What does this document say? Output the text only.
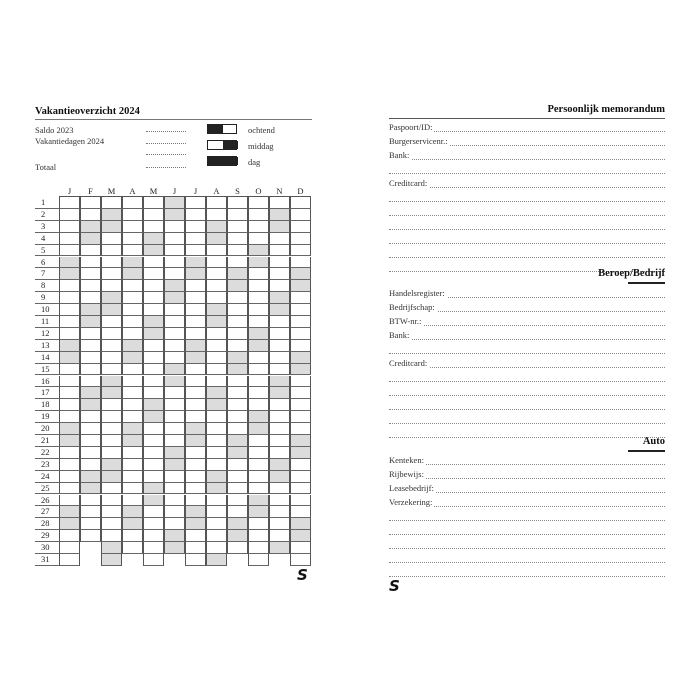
Vakantieoverzicht 2024
Saldo 2023
Vakantiedagen 2024
Totaal
ochtend
middag
dag
J	F	M	A	M	J	J	A	S	O	N	D
1
2
3
4
5
6
7
8
9
10
11
12
13
14
15
16
17
18
19
20
21
22
23
24
25
26
27
28
29
30
31
S
Persoonlijk memorandum
Paspoort/ID:
Burgerservicenr.:
Bank:
Creditcard:
Beroep/Bedrijf
Handelsregister:
Bedrijfschap:
BTW-nr.:
Bank:
Creditcard:
Auto
Kenteken:
Rijbewijs:
Leasebedrijf:
Verzekering:
S
